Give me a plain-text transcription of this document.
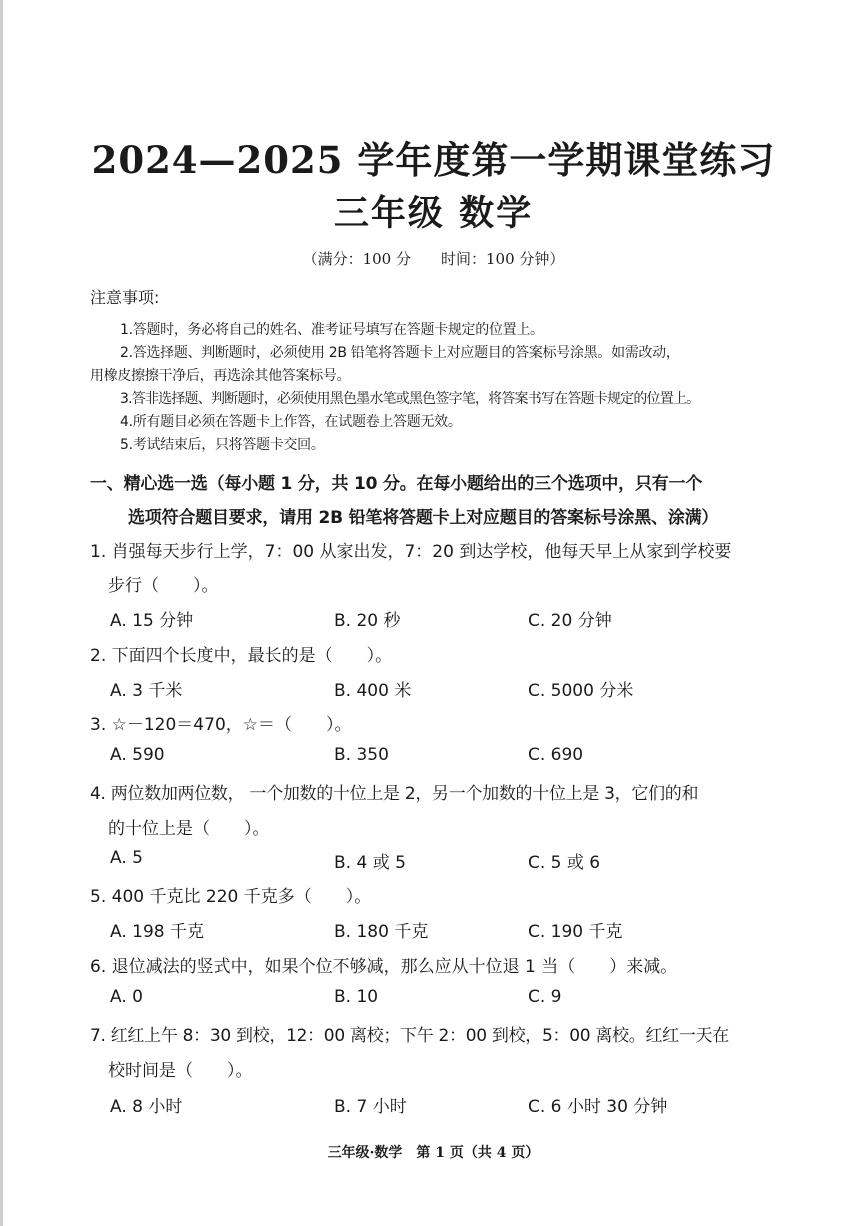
2024—2025 学年度第一学期课堂练习
三年级 数学
（满分：100 分　　时间：100 分钟）
注意事项:
1.答题时，务必将自己的姓名、准考证号填写在答题卡规定的位置上。
2.答选择题、判断题时，必须使用 2B 铅笔将答题卡上对应题目的答案标号涂黑。如需改动，
用橡皮擦擦干净后，再选涂其他答案标号。
3.答非选择题、判断题时，必须使用黑色墨水笔或黑色签字笔，将答案书写在答题卡规定的位置上。
4.所有题目必须在答题卡上作答，在试题卷上答题无效。
5.考试结束后，只将答题卡交回。
一、精心选一选（每小题 1 分，共 10 分。在每小题给出的三个选项中，只有一个
选项符合题目要求，请用 2B 铅笔将答题卡上对应题目的答案标号涂黑、涂满）
1. 肖强每天步行上学，7：00 从家出发，7：20 到达学校，他每天早上从家到学校要
步行（　　）。
A. 15 分钟	B. 20 秒	C. 20 分钟
2. 下面四个长度中，最长的是（　　）。
A. 3 千米	B. 400 米	C. 5000 分米
3. ☆－120＝470，☆＝（　　）。
A. 590	B. 350	C. 690
4. 两位数加两位数， 一个加数的十位上是 2，另一个加数的十位上是 3，它们的和
的十位上是（　　）。
A. 5	B. 4 或 5	C. 5 或 6
5. 400 千克比 220 千克多（　　）。
A. 198 千克	B. 180 千克	C. 190 千克
6. 退位减法的竖式中，如果个位不够减，那么应从十位退 1 当（　　）来减。
A. 0	B. 10	C. 9
7. 红红上午 8：30 到校，12：00 离校；下午 2：00 到校，5：00 离校。红红一天在
校时间是（　　）。
A. 8 小时	B. 7 小时	C. 6 小时 30 分钟
三年级·数学　第 1 页（共 4 页）
